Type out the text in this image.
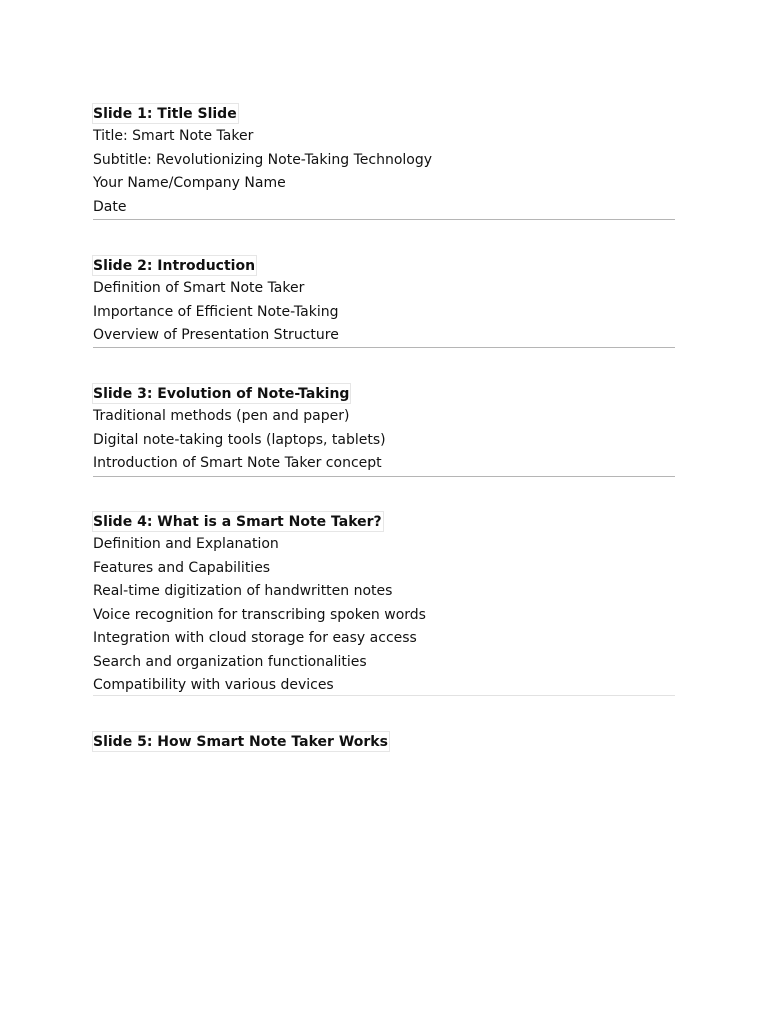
Slide 1: Title Slide
Title: Smart Note Taker
Subtitle: Revolutionizing Note-Taking Technology
Your Name/Company Name
Date
Slide 2: Introduction
Definition of Smart Note Taker
Importance of Efficient Note-Taking
Overview of Presentation Structure
Slide 3: Evolution of Note-Taking
Traditional methods (pen and paper)
Digital note-taking tools (laptops, tablets)
Introduction of Smart Note Taker concept
Slide 4: What is a Smart Note Taker?
Definition and Explanation
Features and Capabilities
Real-time digitization of handwritten notes
Voice recognition for transcribing spoken words
Integration with cloud storage for easy access
Search and organization functionalities
Compatibility with various devices
Slide 5: How Smart Note Taker Works
